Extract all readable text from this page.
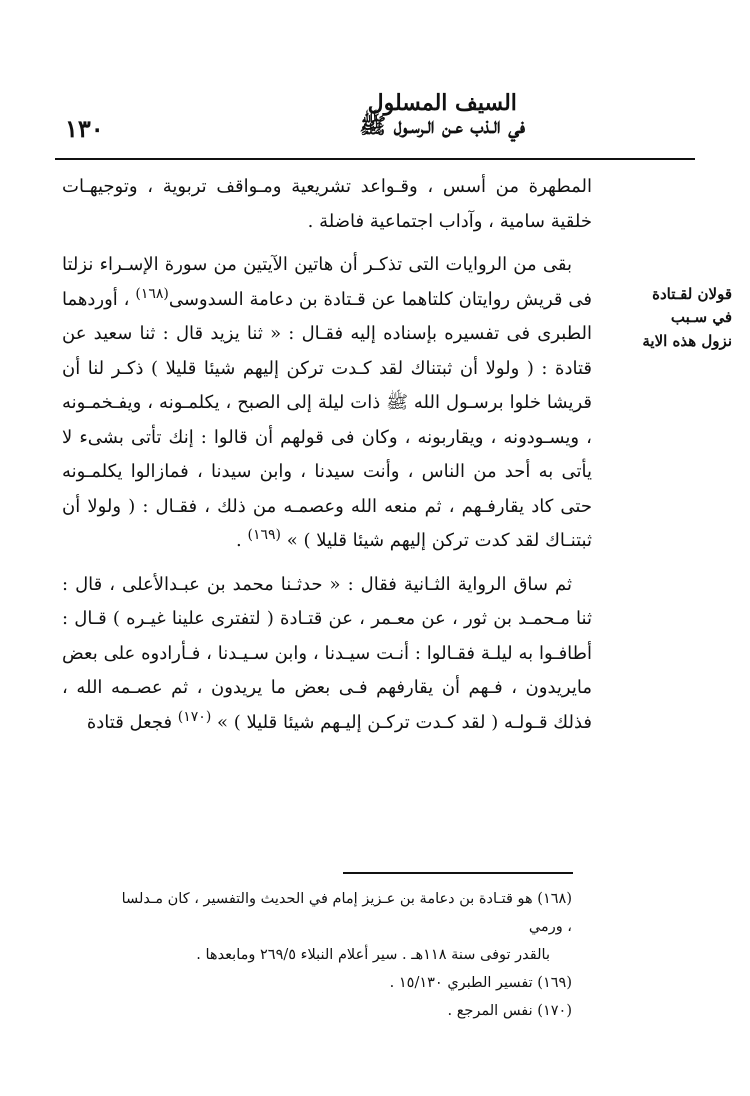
١٣٠
السيف المسلول
في الـذب عـن الـرسـول ﷺ
قولان لقـتادة في سـبب نزول هذه الاية

المطهرة من أسس ، وقـواعد تشريعية ومـواقف تربوية ، وتوجيهـات خلقية سامية ، وآداب اجتماعية فاضلة .

بقى من الروايات التى تذكـر أن هاتين الآيتين من سورة الإسـراء نزلتا فى قريش روايتان كلتاهما عن قـتادة بن دعامة السدوسى$^{(١٦٨)}$ ، أوردهما الطبرى فى تفسيره بإسناده إليه فقـال : « ثنا يزيد قال : ثنا سعيد عن قتادة : ( ولولا أن ثبتناك لقد كـدت تركن إليهم شيئا قليلا ) ذكـر لنا أن قريشا خلوا برسـول الله ﷺ ذات ليلة إلى الصبح ، يكلمـونه ، ويفـخمـونه ، ويسـودونه ، ويقاربونه ، وكان فى قولهم أن قالوا : إنك تأتى بشىء لا يأتى به أحد من الناس ، وأنت سيدنا ، وابن سيدنا ، فمازالوا يكلمـونه حتى كاد يقارفـهم ، ثم منعه الله وعصمـه من ذلك ، فقـال : ( ولولا أن ثبتنـاك لقد كدت تركن إليهم شيئا قليلا ) » $^{(١٦٩)}$ .

ثم ساق الرواية الثـانية فقال : « حدثـنا محمد بن عبـدالأعلى ، قال : ثنا مـحمـد بن ثور ، عن معـمر ، عن قتـادة ( لتفترى علينا غيـره ) قـال : أطافـوا به ليلـة فقـالوا : أنـت سيـدنا ، وابن سـيـدنا ، فـأرادوه على بعض مايريدون ، فـهم أن يقارفهم فـى بعض ما يريدون ، ثم عصـمه الله ، فذلك قـولـه ( لقد كـدت تركـن إليـهم شيئا قليلا ) » $^{(١٧٠)}$ فجعل قتادة

(١٦٨) هو قتـادة بن دعامة بن عـزيز إمام في الحديث والتفسير ، كان مـدلسا ، ورمي

بالقدر توفى سنة ١١٨هـ . سير أعلام النبلاء ٢٦٩/٥ ومابعدها .

(١٦٩) تفسير الطبري ١٥/١٣٠ .

(١٧٠) نفس المرجع .
